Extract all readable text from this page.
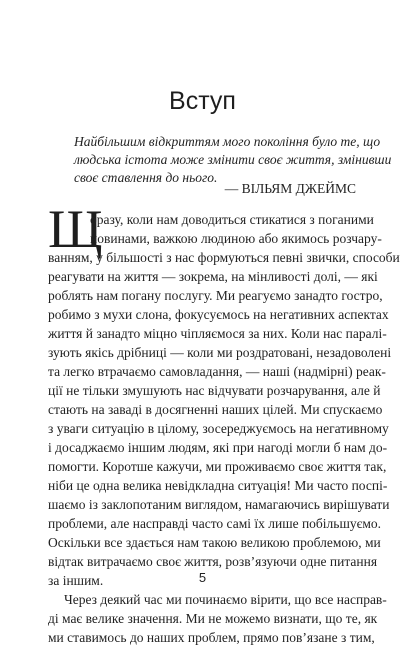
Вступ
Найбільшим відкриттям мого покоління було те, що
людська істота може змінити своє життя, змінивши
своє ставлення до нього.
— ВІЛЬЯМ ДЖЕЙМС
Щ
оразу, коли нам доводиться стикатися з поганими
новинами, важкою людиною або якимось розчару-
ванням, у більшості з нас формуються певні звички, способи
реагувати на життя — зокрема, на мінливості долі, — які
роблять нам погану послугу. Ми реагуємо занадто гостро,
робимо з мухи слона, фокусуємось на негативних аспектах
життя й занадто міцно чіпляємося за них. Коли нас паралі-
зують якісь дрібниці — коли ми роздратовані, незадоволені
та легко втрачаємо самовладання, — наші (надмірні) реак-
ції не тільки змушують нас відчувати розчарування, але й
стають на заваді в досягненні наших цілей. Ми спускаємо
з уваги ситуацію в цілому, зосереджуємось на негативному
і досаджаємо іншим людям, які при нагоді могли б нам до-
помогти. Коротше кажучи, ми проживаємо своє життя так,
ніби це одна велика невідкладна ситуація! Ми часто поспі-
шаємо із заклопотаним виглядом, намагаючись вирішувати
проблеми, але насправді часто самі їх лише побільшуємо.
Оскільки все здається нам такою великою проблемою, ми
відтак витрачаємо своє життя, розв’язуючи одне питання
за іншим.
Через деякий час ми починаємо вірити, що все насправ-
ді має велике значення. Ми не можемо визнати, що те, як
ми ставимось до наших проблем, прямо пов’язане з тим,
5
